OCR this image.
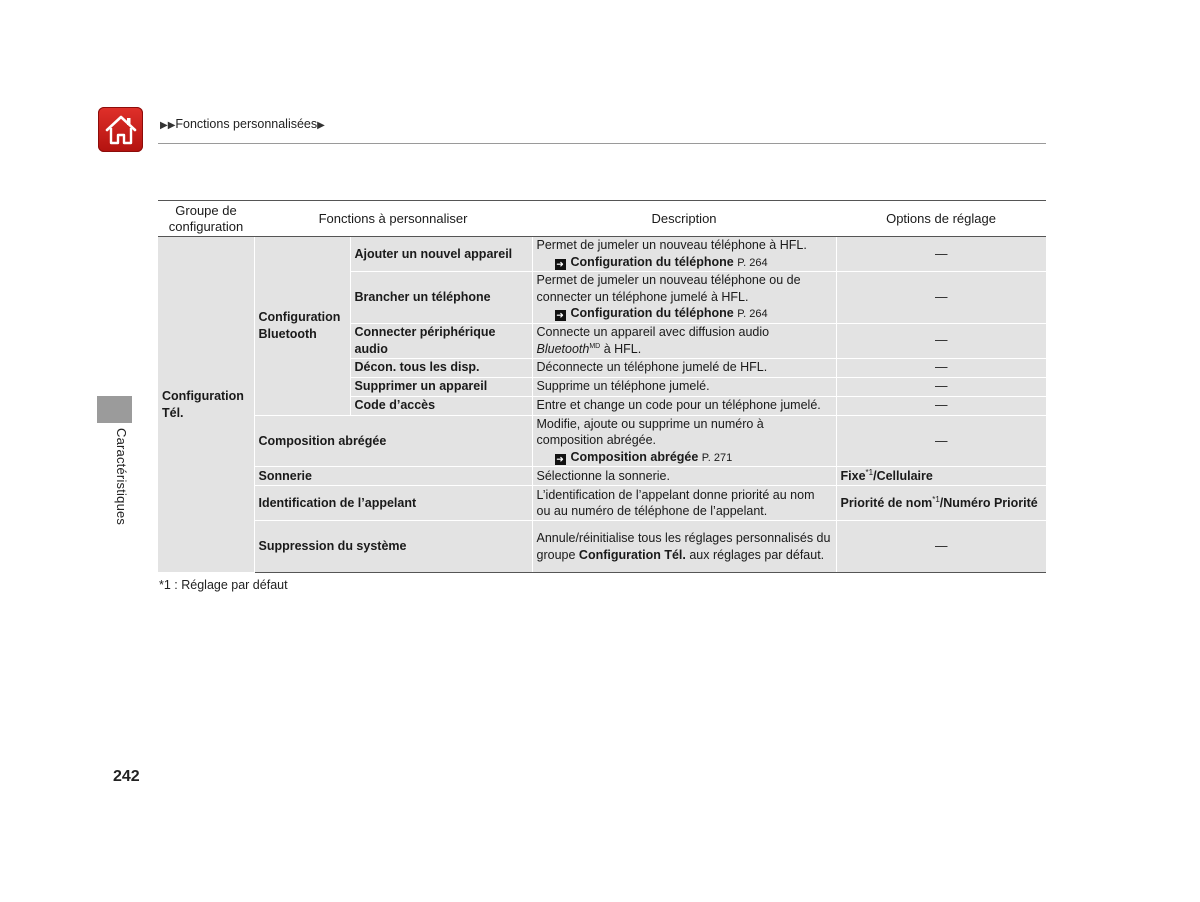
▶▶Fonctions personnalisées▶
Caractéristiques
Groupe de configuration	Fonctions à personnaliser		Description	Options de réglage
Configuration Tél.	Configuration Bluetooth	Ajouter un nouvel appareil	Permet de jumeler un nouveau téléphone à HFL.
➜ Configuration du téléphone P. 264	—
		Brancher un téléphone	Permet de jumeler un nouveau téléphone ou de connecter un téléphone jumelé à HFL.
➜ Configuration du téléphone P. 264	—
		Connecter périphérique audio	Connecte un appareil avec diffusion audio
Bluetooth$^{MD}$ à HFL.	—
		Décon. tous les disp.	Déconnecte un téléphone jumelé de HFL.	—
		Supprimer un appareil	Supprime un téléphone jumelé.	—
		Code d’accès	Entre et change un code pour un téléphone jumelé.	—
	Composition abrégée		Modifie, ajoute ou supprime un numéro à composition abrégée.
➜ Composition abrégée P. 271	—
	Sonnerie		Sélectionne la sonnerie.	Fixe$^{*1}$/Cellulaire
	Identification de l’appelant		L’identification de l’appelant donne priorité au nom ou au numéro de téléphone de l’appelant.	Priorité de nom$^{*1}$/Numéro Priorité
	Suppression du système		Annule/réinitialise tous les réglages personnalisés du groupe Configuration Tél. aux réglages par défaut.	—
*1 : Réglage par défaut
242
